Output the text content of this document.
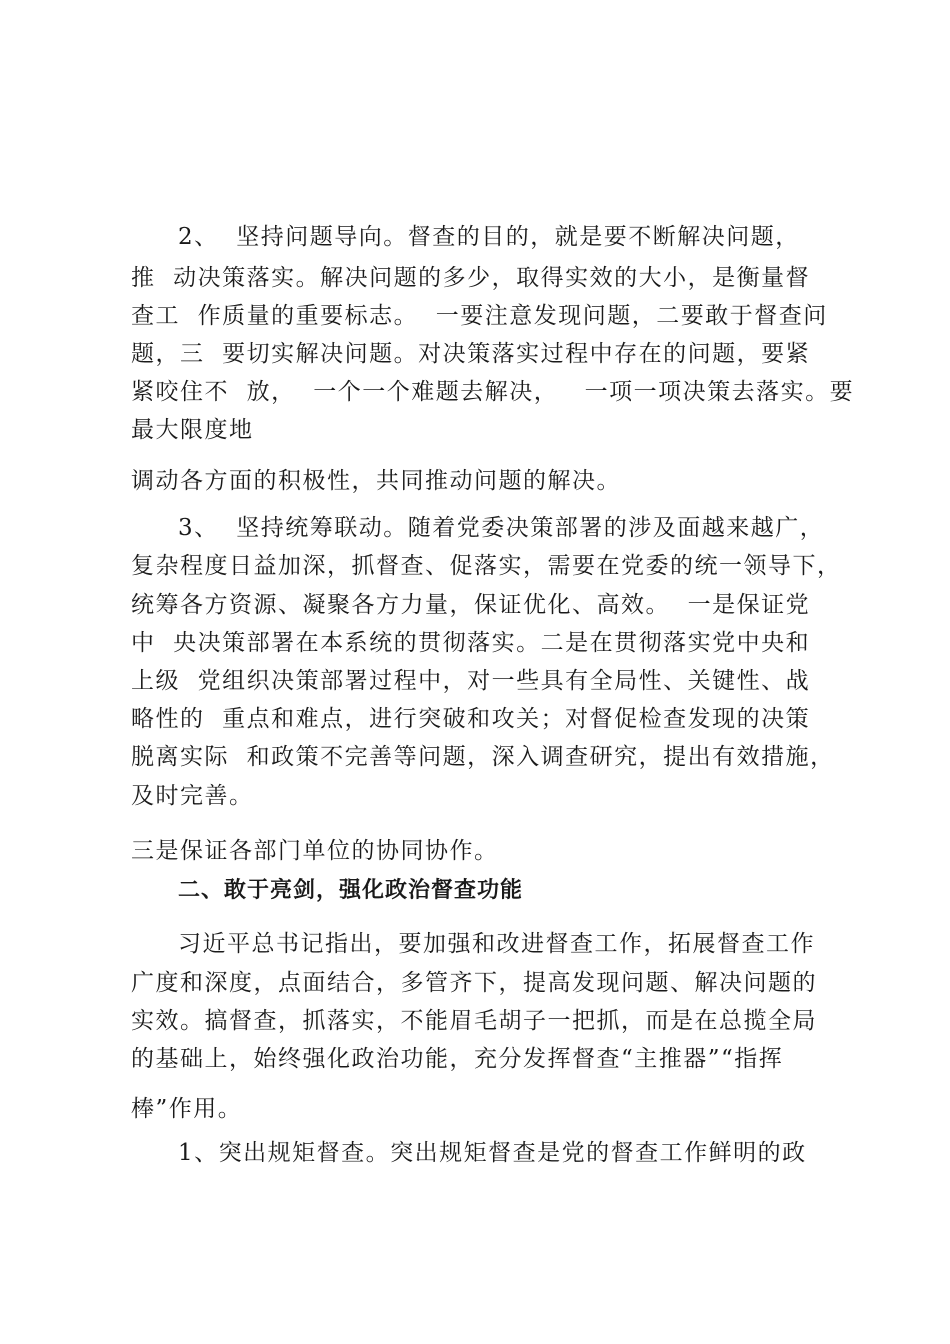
2、  坚持问题导向。督查的目的，就是要不断解决问题，
推  动决策落实。解决问题的多少，取得实效的大小，是衡量督
查工  作质量的重要标志。  一要注意发现问题，二要敢于督查问
题，三  要切实解决问题。对决策落实过程中存在的问题，要紧
紧咬住不  放，  一个一个难题去解决，   一项一项决策去落实。要
最大限度地
调动各方面的积极性，共同推动问题的解决。
3、  坚持统筹联动。随着党委决策部署的涉及面越来越广，
复杂程度日益加深，抓督查、促落实，需要在党委的统一领导下，
统筹各方资源、凝聚各方力量，保证优化、高效。  一是保证党
中  央决策部署在本系统的贯彻落实。二是在贯彻落实党中央和
上级  党组织决策部署过程中，对一些具有全局性、关键性、战
略性的  重点和难点，进行突破和攻关；对督促检查发现的决策
脱离实际  和政策不完善等问题，深入调查研究，提出有效措施，
及时完善。
三是保证各部门单位的协同协作。
二、敢于亮剑，强化政治督查功能
习近平总书记指出，要加强和改进督查工作，拓展督查工作
广度和深度，点面结合，多管齐下，提高发现问题、解决问题的
实效。搞督查，抓落实，不能眉毛胡子一把抓，而是在总揽全局
的基础上，始终强化政治功能，充分发挥督查“主推器”“指挥
棒”作用。
1、突出规矩督查。突出规矩督查是党的督查工作鲜明的政
